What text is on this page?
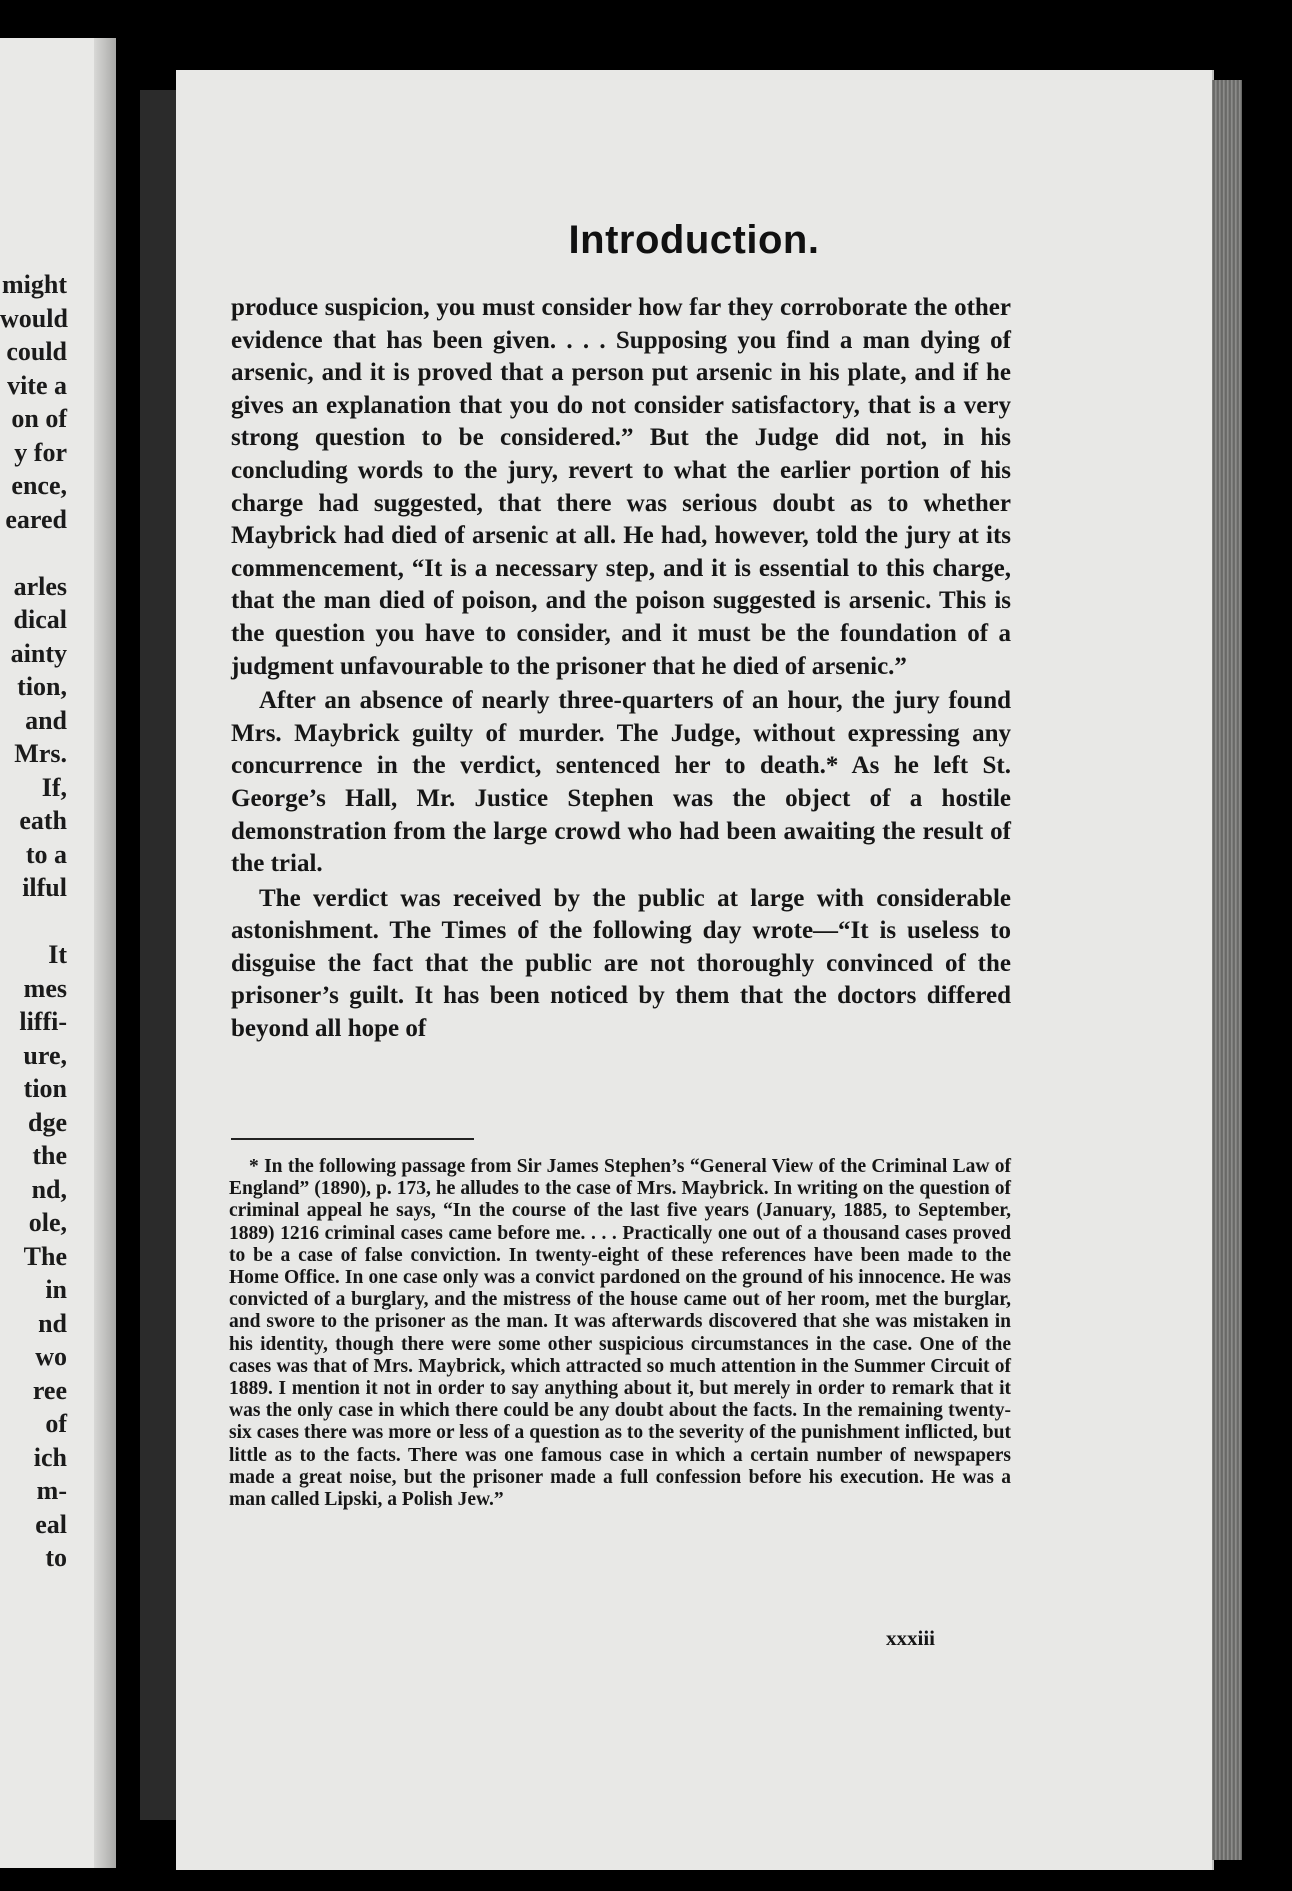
might
would
could
vite a
on of
y for
ence,
eared
arles
dical
ainty
tion,
and
Mrs.
If,
eath
to a
ilful
It
mes
liffi-
ure,
tion
dge
the
nd,
ole,
The
in
nd
wo
ree
of
ich
m-
eal
to
Introduction.

produce suspicion, you must consider how far they corroborate the other evidence that has been given. . . . Supposing you find a man dying of arsenic, and it is proved that a person put arsenic in his plate, and if he gives an explanation that you do not consider satisfactory, that is a very strong question to be considered.” But the Judge did not, in his concluding words to the jury, revert to what the earlier portion of his charge had suggested, that there was serious doubt as to whether Maybrick had died of arsenic at all. He had, however, told the jury at its commencement, “It is a necessary step, and it is essential to this charge, that the man died of poison, and the poison suggested is arsenic. This is the question you have to consider, and it must be the foundation of a judgment unfavourable to the prisoner that he died of arsenic.”

After an absence of nearly three-quarters of an hour, the jury found Mrs. Maybrick guilty of murder. The Judge, without expressing any concurrence in the verdict, sentenced her to death.* As he left St. George’s Hall, Mr. Justice Stephen was the object of a hostile demonstration from the large crowd who had been awaiting the result of the trial.

The verdict was received by the public at large with considerable astonishment. The Times of the following day wrote—“It is useless to disguise the fact that the public are not thoroughly convinced of the prisoner’s guilt. It has been noticed by them that the doctors differed beyond all hope of

* In the following passage from Sir James Stephen’s “General View of the Criminal Law of England” (1890), p. 173, he alludes to the case of Mrs. Maybrick. In writing on the question of criminal appeal he says, “In the course of the last five years (January, 1885, to September, 1889) 1216 criminal cases came before me. . . . Practically one out of a thousand cases proved to be a case of false conviction. In twenty-eight of these references have been made to the Home Office. In one case only was a convict pardoned on the ground of his innocence. He was convicted of a burglary, and the mistress of the house came out of her room, met the burglar, and swore to the prisoner as the man. It was afterwards discovered that she was mistaken in his identity, though there were some other suspicious circumstances in the case. One of the cases was that of Mrs. Maybrick, which attracted so much attention in the Summer Circuit of 1889. I mention it not in order to say anything about it, but merely in order to remark that it was the only case in which there could be any doubt about the facts. In the remaining twenty-six cases there was more or less of a question as to the severity of the punishment inflicted, but little as to the facts. There was one famous case in which a certain number of newspapers made a great noise, but the prisoner made a full confession before his execution. He was a man called Lipski, a Polish Jew.”

xxxiii
